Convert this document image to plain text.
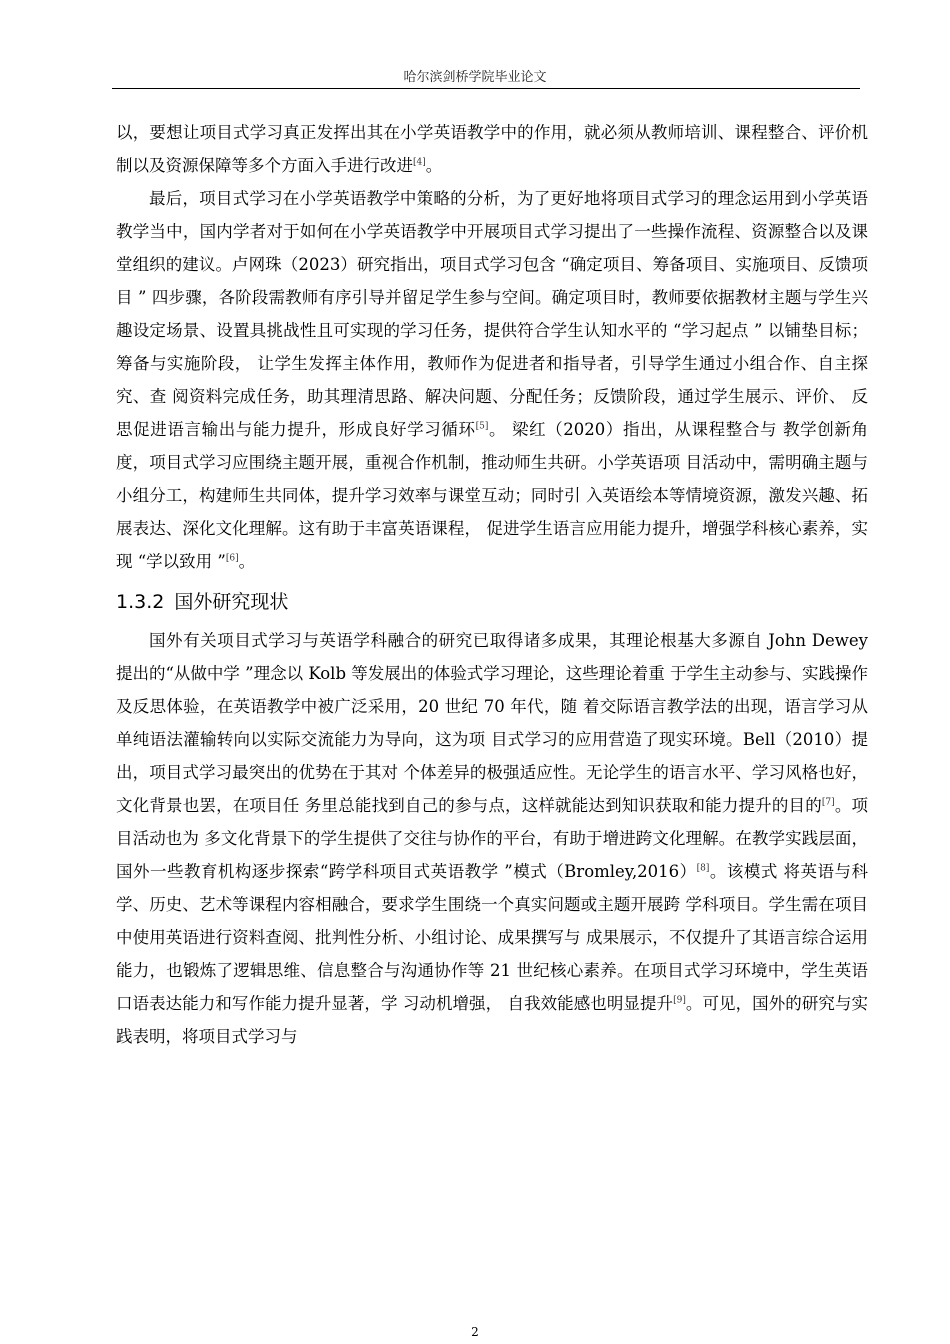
哈尔滨剑桥学院毕业论文

以，要想让项目式学习真正发挥出其在小学英语教学中的作用，就必须从教师培训、课程整合、评价机制以及资源保障等多个方面入手进行改进[4]。

最后，项目式学习在小学英语教学中策略的分析，为了更好地将项目式学习的理念运用到小学英语教学当中，国内学者对于如何在小学英语教学中开展项目式学习提出了一些操作流程、资源整合以及课堂组织的建议。卢网珠（2023）研究指出，项目式学习包含 “确定项目、筹备项目、实施项目、反馈项目 ” 四步骤，各阶段需教师有序引导并留足学生参与空间。确定项目时，教师要依据教材主题与学生兴趣设定场景、设置具挑战性且可实现的学习任务，提供符合学生认知水平的 “学习起点 ” 以铺垫目标；筹备与实施阶段， 让学生发挥主体作用，教师作为促进者和指导者，引导学生通过小组合作、自主探究、查 阅资料完成任务，助其理清思路、解决问题、分配任务；反馈阶段，通过学生展示、评价、 反思促进语言输出与能力提升，形成良好学习循环[5]。 梁红（2020）指出，从课程整合与 教学创新角度，项目式学习应围绕主题开展，重视合作机制，推动师生共研。小学英语项 目活动中，需明确主题与小组分工，构建师生共同体，提升学习效率与课堂互动；同时引 入英语绘本等情境资源，激发兴趣、拓展表达、深化文化理解。这有助于丰富英语课程， 促进学生语言应用能力提升，增强学科核心素养，实现 “学以致用 ”[6]。

1.3.2 国外研究现状

国外有关项目式学习与英语学科融合的研究已取得诸多成果，其理论根基大多源自 John Dewey 提出的“从做中学 ”理念以 Kolb 等发展出的体验式学习理论，这些理论着重 于学生主动参与、实践操作及反思体验，在英语教学中被广泛采用，20 世纪 70 年代，随 着交际语言教学法的出现，语言学习从单纯语法灌输转向以实际交流能力为导向，这为项 目式学习的应用营造了现实环境。Bell（2010）提出，项目式学习最突出的优势在于其对 个体差异的极强适应性。无论学生的语言水平、学习风格也好，文化背景也罢，在项目任 务里总能找到自己的参与点，这样就能达到知识获取和能力提升的目的[7]。项目活动也为 多文化背景下的学生提供了交往与协作的平台，有助于增进跨文化理解。在教学实践层面， 国外一些教育机构逐步探索“跨学科项目式英语教学 ”模式（Bromley,2016）[8]。该模式 将英语与科学、历史、艺术等课程内容相融合，要求学生围绕一个真实问题或主题开展跨 学科项目。学生需在项目中使用英语进行资料查阅、批判性分析、小组讨论、成果撰写与 成果展示，不仅提升了其语言综合运用能力，也锻炼了逻辑思维、信息整合与沟通协作等 21 世纪核心素养。在项目式学习环境中，学生英语口语表达能力和写作能力提升显著，学 习动机增强， 自我效能感也明显提升[9]。可见，国外的研究与实践表明，将项目式学习与

2
